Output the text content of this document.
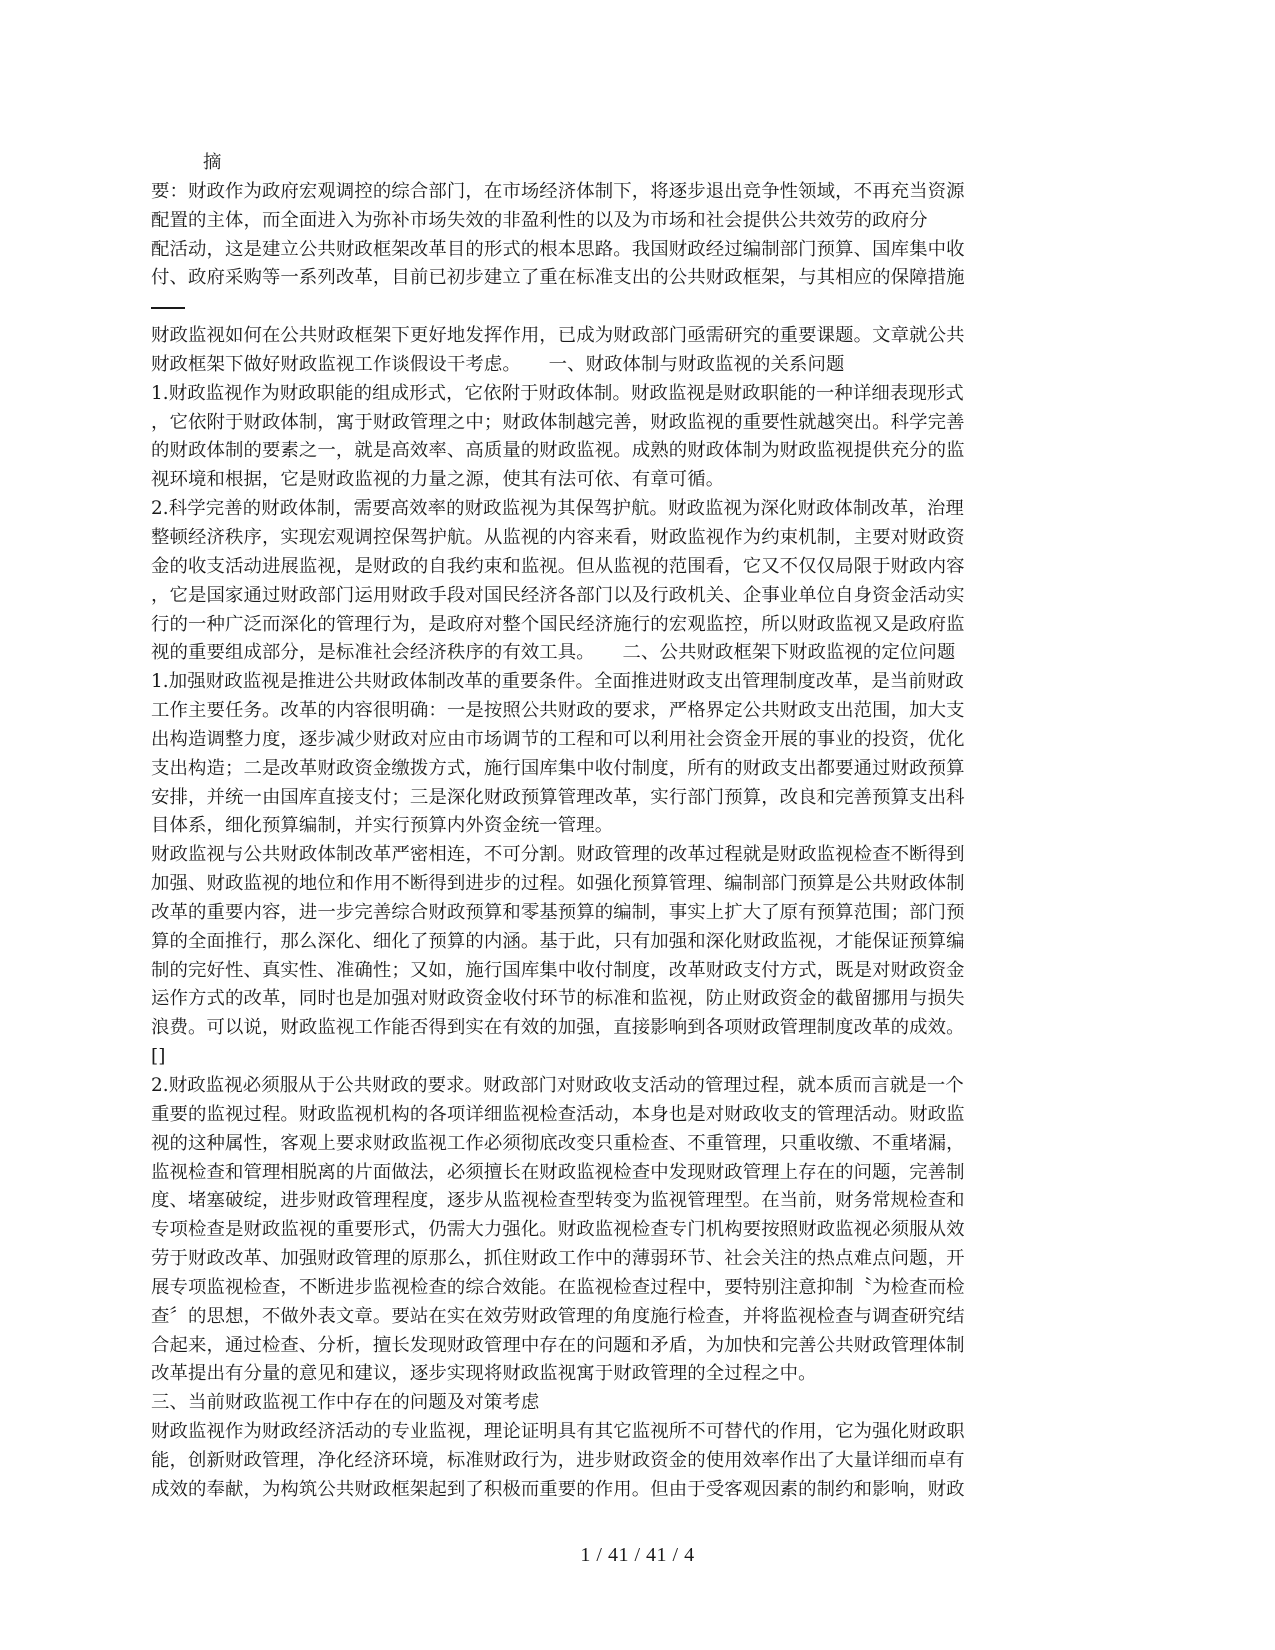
摘
要：财政作为政府宏观调控的综合部门，在市场经济体制下，将逐步退出竞争性领域，不再充当资源
配置的主体，而全面进入为弥补市场失效的非盈利性的以及为市场和社会提供公共效劳的政府分
配活动，这是建立公共财政框架改革目的形式的根本思路。我国财政经过编制部门预算、国库集中收
付、政府采购等一系列改革，目前已初步建立了重在标准支出的公共财政框架，与其相应的保障措施
财政监视如何在公共财政框架下更好地发挥作用，已成为财政部门亟需研究的重要课题。文章就公共
财政框架下做好财政监视工作谈假设干考虑。　　一、财政体制与财政监视的关系问题
1.财政监视作为财政职能的组成形式，它依附于财政体制。财政监视是财政职能的一种详细表现形式
，它依附于财政体制，寓于财政管理之中；财政体制越完善，财政监视的重要性就越突出。科学完善
的财政体制的要素之一，就是高效率、高质量的财政监视。成熟的财政体制为财政监视提供充分的监
视环境和根据，它是财政监视的力量之源，使其有法可依、有章可循。
2.科学完善的财政体制，需要高效率的财政监视为其保驾护航。财政监视为深化财政体制改革，治理
整顿经济秩序，实现宏观调控保驾护航。从监视的内容来看，财政监视作为约束机制，主要对财政资
金的收支活动进展监视，是财政的自我约束和监视。但从监视的范围看，它又不仅仅局限于财政内容
，它是国家通过财政部门运用财政手段对国民经济各部门以及行政机关、企事业单位自身资金活动实
行的一种广泛而深化的管理行为，是政府对整个国民经济施行的宏观监控，所以财政监视又是政府监
视的重要组成部分，是标准社会经济秩序的有效工具。　　二、公共财政框架下财政监视的定位问题
1.加强财政监视是推进公共财政体制改革的重要条件。全面推进财政支出管理制度改革，是当前财政
工作主要任务。改革的内容很明确：一是按照公共财政的要求，严格界定公共财政支出范围，加大支
出构造调整力度，逐步减少财政对应由市场调节的工程和可以利用社会资金开展的事业的投资，优化
支出构造；二是改革财政资金缴拨方式，施行国库集中收付制度，所有的财政支出都要通过财政预算
安排，并统一由国库直接支付；三是深化财政预算管理改革，实行部门预算，改良和完善预算支出科
目体系，细化预算编制，并实行预算内外资金统一管理。
财政监视与公共财政体制改革严密相连，不可分割。财政管理的改革过程就是财政监视检查不断得到
加强、财政监视的地位和作用不断得到进步的过程。如强化预算管理、编制部门预算是公共财政体制
改革的重要内容，进一步完善综合财政预算和零基预算的编制，事实上扩大了原有预算范围；部门预
算的全面推行，那么深化、细化了预算的内涵。基于此，只有加强和深化财政监视，才能保证预算编
制的完好性、真实性、准确性；又如，施行国库集中收付制度，改革财政支付方式，既是对财政资金
运作方式的改革，同时也是加强对财政资金收付环节的标准和监视，防止财政资金的截留挪用与损失
浪费。可以说，财政监视工作能否得到实在有效的加强，直接影响到各项财政管理制度改革的成效。
[]
2.财政监视必须服从于公共财政的要求。财政部门对财政收支活动的管理过程，就本质而言就是一个
重要的监视过程。财政监视机构的各项详细监视检查活动，本身也是对财政收支的管理活动。财政监
视的这种属性，客观上要求财政监视工作必须彻底改变只重检查、不重管理，只重收缴、不重堵漏，
监视检查和管理相脱离的片面做法，必须擅长在财政监视检查中发现财政管理上存在的问题，完善制
度、堵塞破绽，进步财政管理程度，逐步从监视检查型转变为监视管理型。在当前，财务常规检查和
专项检查是财政监视的重要形式，仍需大力强化。财政监视检查专门机构要按照财政监视必须服从效
劳于财政改革、加强财政管理的原那么，抓住财政工作中的薄弱环节、社会关注的热点难点问题，开
展专项监视检查，不断进步监视检查的综合效能。在监视检查过程中，要特别注意抑制〝为检查而检
查〞的思想，不做外表文章。要站在实在效劳财政管理的角度施行检查，并将监视检查与调查研究结
合起来，通过检查、分析，擅长发现财政管理中存在的问题和矛盾，为加快和完善公共财政管理体制
改革提出有分量的意见和建议，逐步实现将财政监视寓于财政管理的全过程之中。
三、当前财政监视工作中存在的问题及对策考虑
财政监视作为财政经济活动的专业监视，理论证明具有其它监视所不可替代的作用，它为强化财政职
能，创新财政管理，净化经济环境，标准财政行为，进步财政资金的使用效率作出了大量详细而卓有
成效的奉献，为构筑公共财政框架起到了积极而重要的作用。但由于受客观因素的制约和影响，财政
1 / 41 / 41 / 4
